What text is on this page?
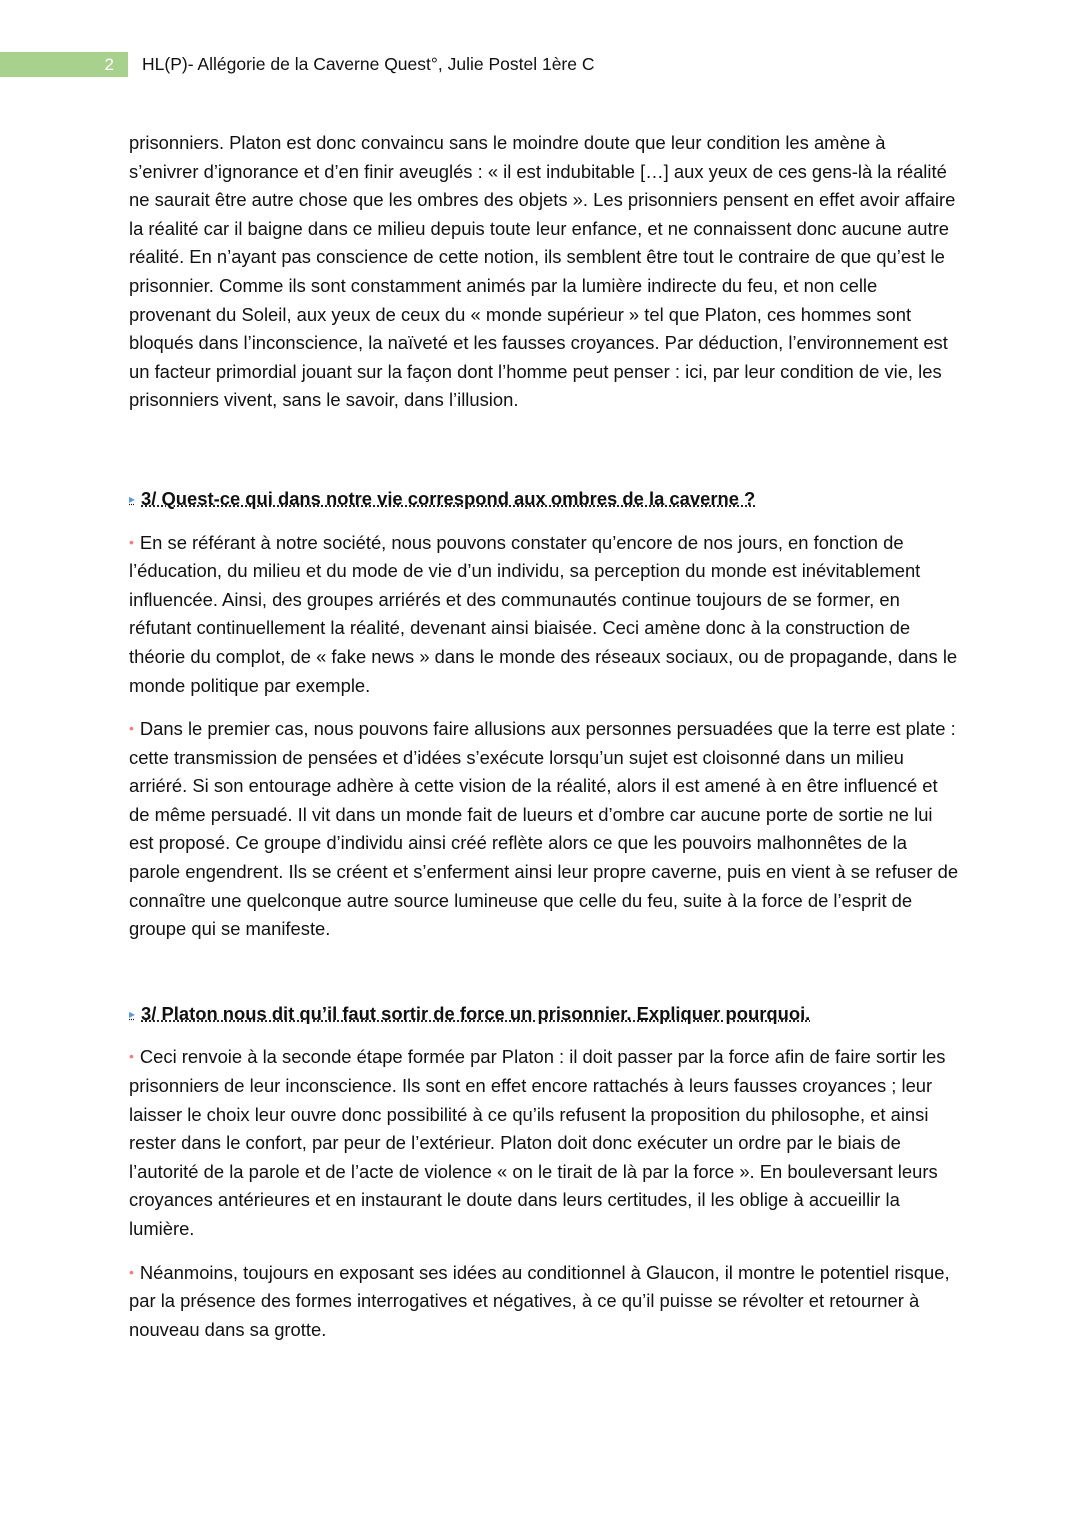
2 HL(P)- Allégorie de la Caverne Quest°, Julie Postel 1ère C

prisonniers. Platon est donc convaincu sans le moindre doute que leur condition les amène à s’enivrer d’ignorance et d’en finir aveuglés : « il est indubitable […] aux yeux de ces gens-là la réalité ne saurait être autre chose que les ombres des objets ». Les prisonniers pensent en effet avoir affaire la réalité car il baigne dans ce milieu depuis toute leur enfance, et ne connaissent donc aucune autre réalité. En n’ayant pas conscience de cette notion, ils semblent être tout le contraire de que qu’est le prisonnier. Comme ils sont constamment animés par la lumière indirecte du feu, et non celle provenant du Soleil, aux yeux de ceux du « monde supérieur » tel que Platon, ces hommes sont bloqués dans l’inconscience, la naïveté et les fausses croyances. Par déduction, l’environnement est un facteur primordial jouant sur la façon dont l’homme peut penser : ici, par leur condition de vie, les prisonniers vivent, sans le savoir, dans l’illusion.

▸ 3/ Quest-ce qui dans notre vie correspond aux ombres de la caverne ?

• En se référant à notre société, nous pouvons constater qu’encore de nos jours, en fonction de l’éducation, du milieu et du mode de vie d’un individu, sa perception du monde est inévitablement influencée. Ainsi, des groupes arriérés et des communautés continue toujours de se former, en réfutant continuellement la réalité, devenant ainsi biaisée. Ceci amène donc à la construction de théorie du complot, de « fake news » dans le monde des réseaux sociaux, ou de propagande, dans le monde politique par exemple.

• Dans le premier cas, nous pouvons faire allusions aux personnes persuadées que la terre est plate : cette transmission de pensées et d’idées s’exécute lorsqu’un sujet est cloisonné dans un milieu arriéré. Si son entourage adhère à cette vision de la réalité, alors il est amené à en être influencé et de même persuadé. Il vit dans un monde fait de lueurs et d’ombre car aucune porte de sortie ne lui est proposé. Ce groupe d’individu ainsi créé reflète alors ce que les pouvoirs malhonnêtes de la parole engendrent. Ils se créent et s’enferment ainsi leur propre caverne, puis en vient à se refuser de connaître une quelconque autre source lumineuse que celle du feu, suite à la force de l’esprit de groupe qui se manifeste.

▸ 3/ Platon nous dit qu’il faut sortir de force un prisonnier. Expliquer pourquoi.

• Ceci renvoie à la seconde étape formée par Platon : il doit passer par la force afin de faire sortir les prisonniers de leur inconscience. Ils sont en effet encore rattachés à leurs fausses croyances ; leur laisser le choix leur ouvre donc possibilité à ce qu’ils refusent la proposition du philosophe, et ainsi rester dans le confort, par peur de l’extérieur. Platon doit donc exécuter un ordre par le biais de l’autorité de la parole et de l’acte de violence « on le tirait de là par la force ». En bouleversant leurs croyances antérieures et en instaurant le doute dans leurs certitudes, il les oblige à accueillir la lumière.

• Néanmoins, toujours en exposant ses idées au conditionnel à Glaucon, il montre le potentiel risque, par la présence des formes interrogatives et négatives, à ce qu’il puisse se révolter et retourner à nouveau dans sa grotte.
